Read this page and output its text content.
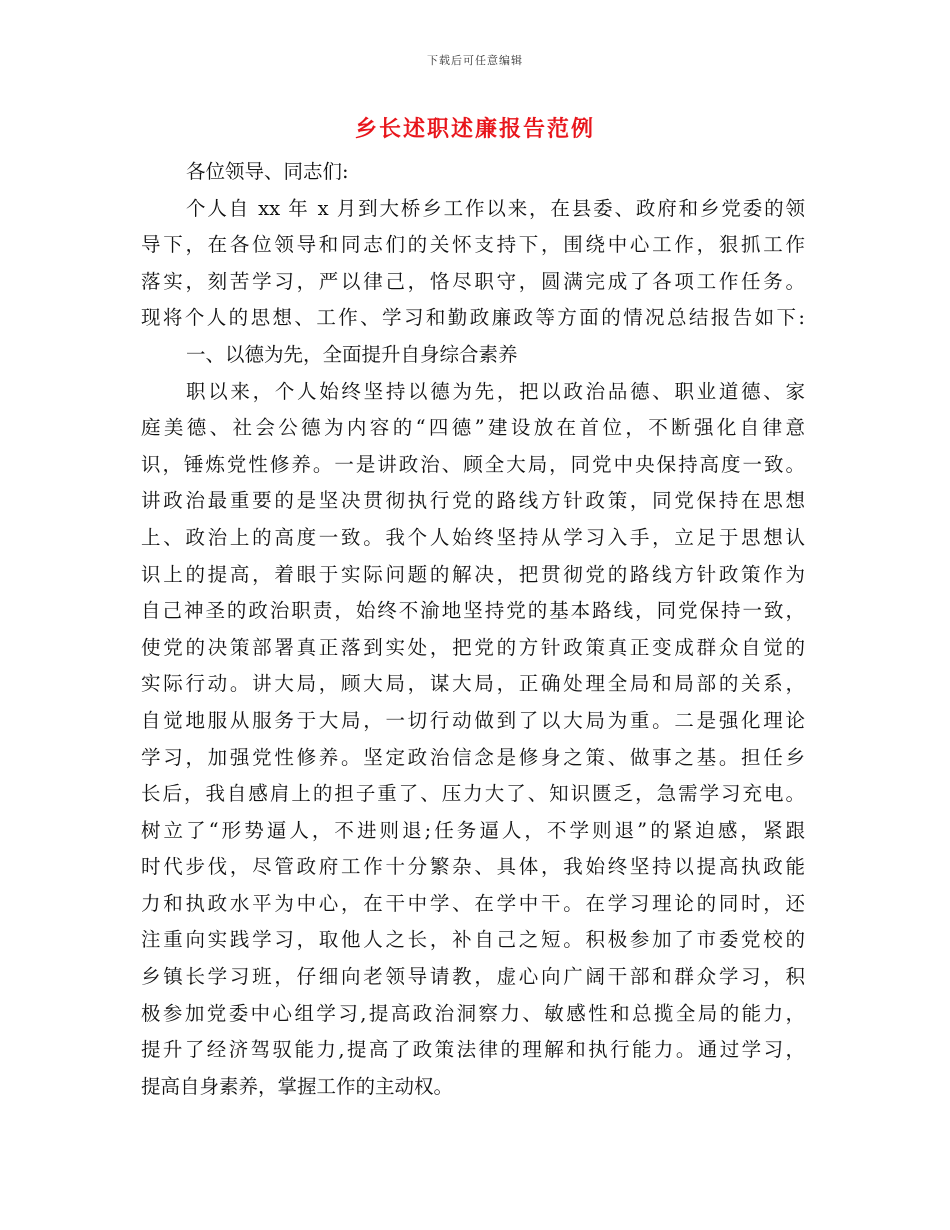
下载后可任意编辑
乡长述职述廉报告范例
各位领导、同志们:
个人自 xx 年 x 月到大桥乡工作以来，在县委、政府和乡党委的领
导下，在各位领导和同志们的关怀支持下，围绕中心工作，狠抓工作
落实，刻苦学习，严以律己，恪尽职守，圆满完成了各项工作任务。
现将个人的思想、工作、学习和勤政廉政等方面的情况总结报告如下:
一、以德为先，全面提升自身综合素养
职以来，个人始终坚持以德为先，把以政治品德、职业道德、家
庭美德、社会公德为内容的“四德”建设放在首位，不断强化自律意
识，锤炼党性修养。一是讲政治、顾全大局，同党中央保持高度一致。
讲政治最重要的是坚决贯彻执行党的路线方针政策，同党保持在思想
上、政治上的高度一致。我个人始终坚持从学习入手，立足于思想认
识上的提高，着眼于实际问题的解决，把贯彻党的路线方针政策作为
自己神圣的政治职责，始终不渝地坚持党的基本路线，同党保持一致，
使党的决策部署真正落到实处，把党的方针政策真正变成群众自觉的
实际行动。讲大局，顾大局，谋大局，正确处理全局和局部的关系，
自觉地服从服务于大局，一切行动做到了以大局为重。二是强化理论
学习，加强党性修养。坚定政治信念是修身之策、做事之基。担任乡
长后，我自感肩上的担子重了、压力大了、知识匮乏，急需学习充电。
树立了“形势逼人，不进则退;任务逼人，不学则退”的紧迫感，紧跟
时代步伐，尽管政府工作十分繁杂、具体，我始终坚持以提高执政能
力和执政水平为中心，在干中学、在学中干。在学习理论的同时，还
注重向实践学习，取他人之长，补自己之短。积极参加了市委党校的
乡镇长学习班，仔细向老领导请教，虚心向广阔干部和群众学习，积
极参加党委中心组学习,提高政治洞察力、敏感性和总揽全局的能力，
提升了经济驾驭能力,提高了政策法律的理解和执行能力。通过学习，
提高自身素养，掌握工作的主动权。
